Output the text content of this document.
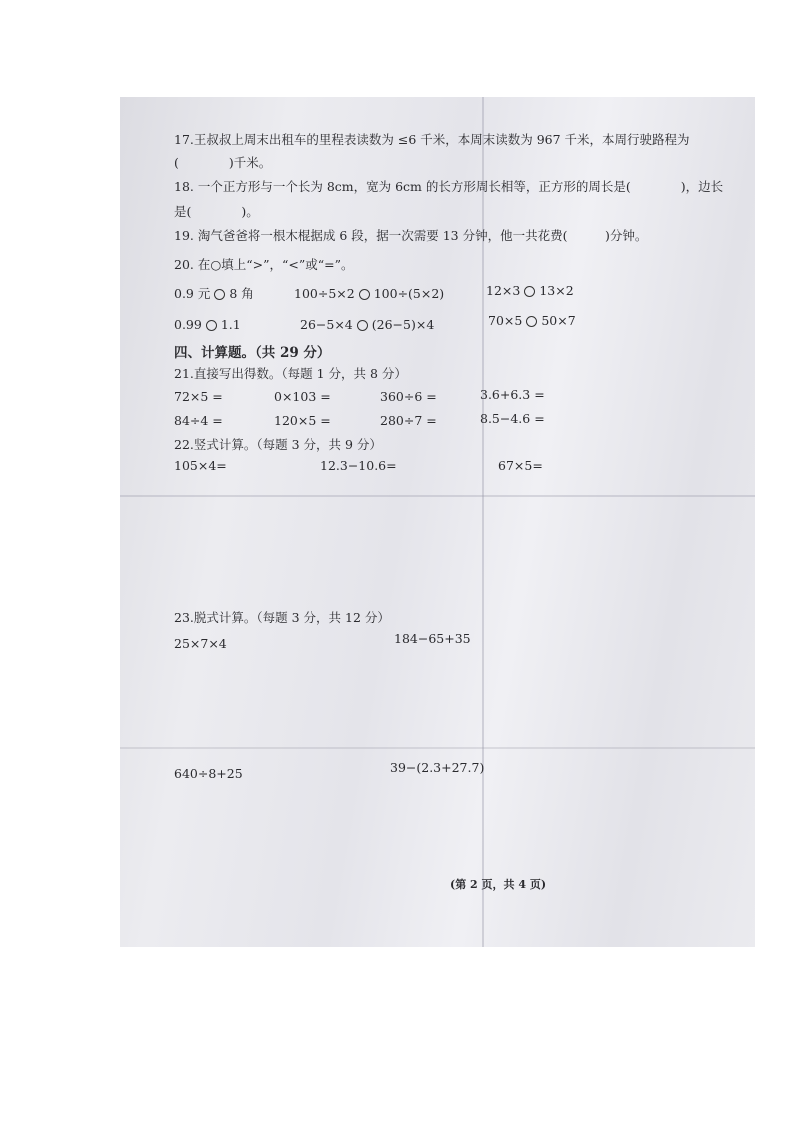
17.王叔叔上周末出租车的里程表读数为 ≤6 千米，本周末读数为 967 千米，本周行驶路程为
(　　　　)千米。
18. 一个正方形与一个长为 8cm，宽为 6cm 的长方形周长相等，正方形的周长是(　　　　)，边长
是(　　　　)。
19. 淘气爸爸将一根木棍据成 6 段，据一次需要 13 分钟，他一共花费(　　　)分钟。
20. 在○填上“>”，“<”或“=”。
0.9 元 8 角	100÷5×2 100÷(5×2)	12×3 13×2
0.99 1.1	26−5×4 (26−5)×4	70×5 50×7
四、计算题。（共 29 分）
21.直接写出得数。（每题 1 分，共 8 分）
72×5 =	0×103 =	360÷6 =	3.6+6.3 =
84÷4 =	120×5 =	280÷7 =	8.5−4.6 =
22.竖式计算。（每题 3 分，共 9 分）
105×4=	12.3−10.6=	67×5=
23.脱式计算。（每题 3 分，共 12 分）
25×7×4	184−65+35
640÷8+25	39−(2.3+27.7)
(第 2 页，共 4 页)
